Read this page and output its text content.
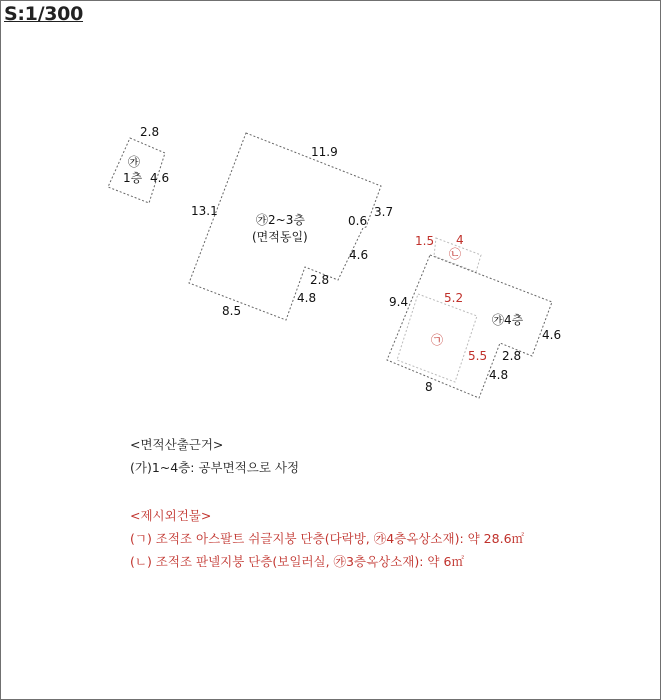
S:1/300
2.8
㉮
1층 4.6
11.9
13.1
㉮2~3층
(면적동일)
3.7
0.6
4.6
2.8
4.8
8.5
1.5 4
㉡
9.4	5.2
㉮4층
㉠	4.6
2.8
5.5
4.8
8
<면적산출근거>
(가)1~4층: 공부면적으로 사정
<제시외건물>
(ㄱ) 조적조 아스팔트 쉬글지붕 단층(다락방, ㉮4층옥상소재): 약 28.6㎡
(ㄴ) 조적조 판넬지붕 단층(보일러실, ㉮3층옥상소재): 약 6㎡
